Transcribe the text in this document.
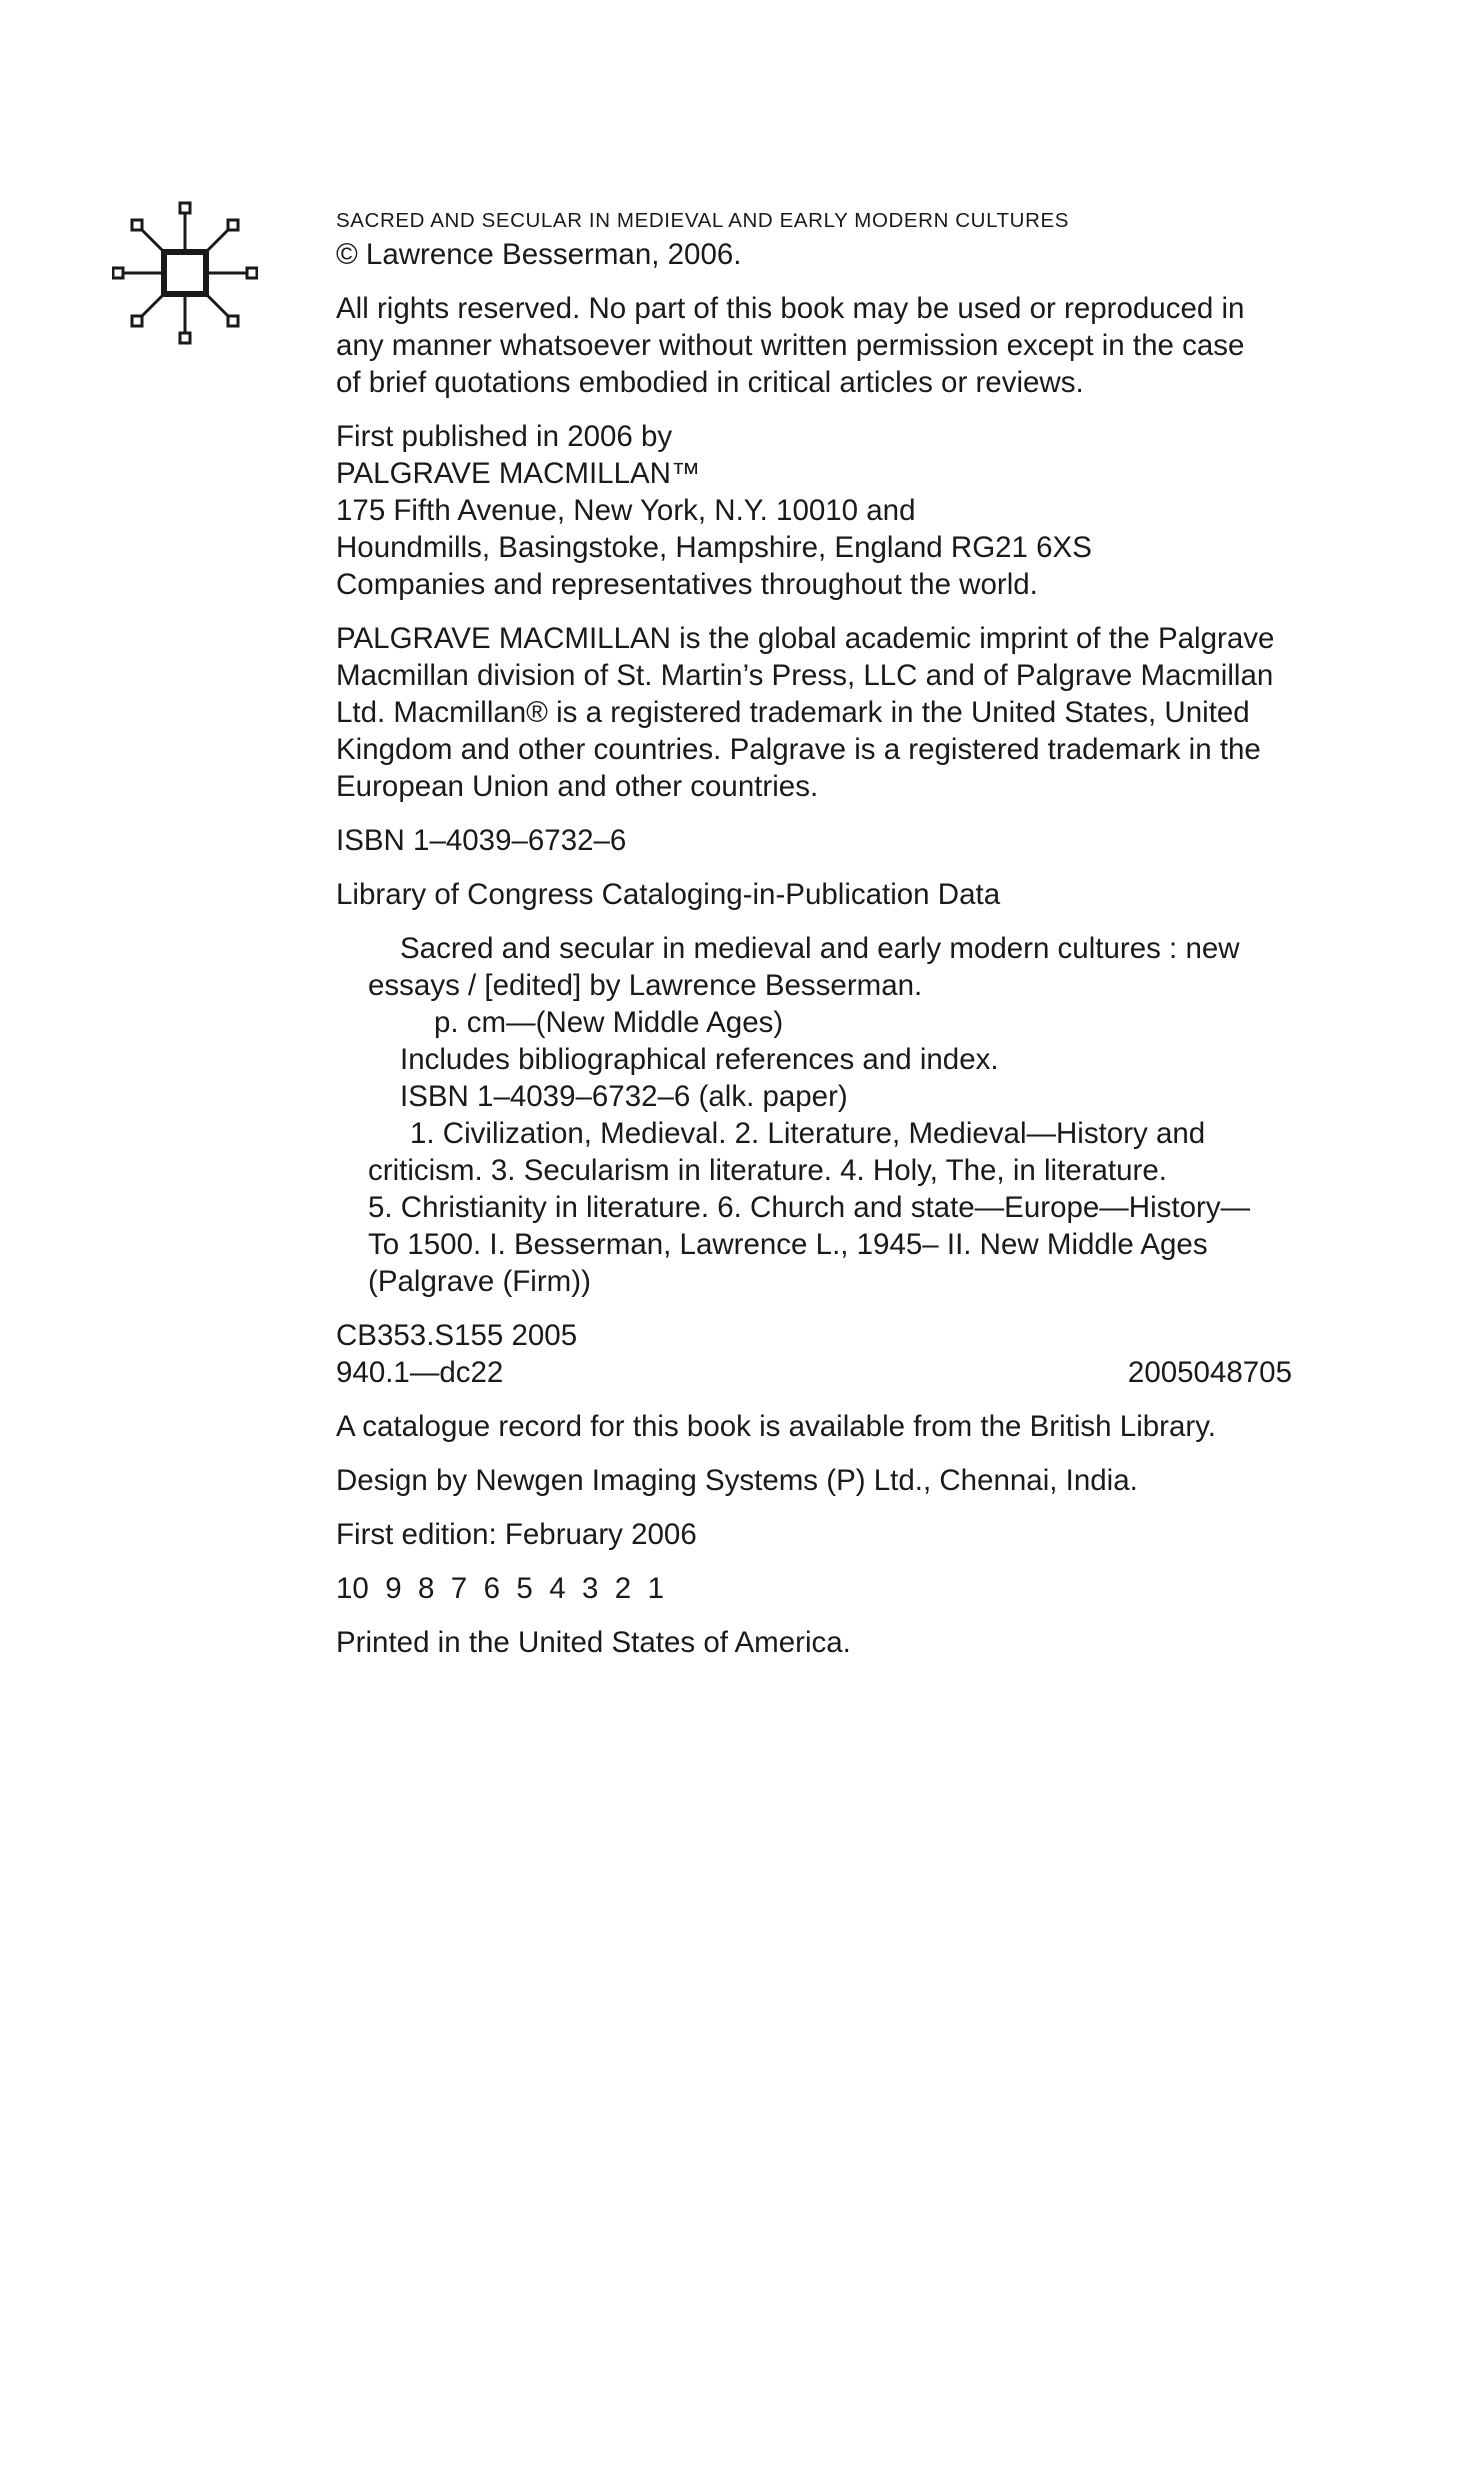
SACRED AND SECULAR IN MEDIEVAL AND EARLY MODERN CULTURES
© Lawrence Besserman, 2006.
All rights reserved. No part of this book may be used or reproduced in
any manner whatsoever without written permission except in the case
of brief quotations embodied in critical articles or reviews.
First published in 2006 by
PALGRAVE MACMILLAN™
175 Fifth Avenue, New York, N.Y. 10010 and
Houndmills, Basingstoke, Hampshire, England RG21 6XS
Companies and representatives throughout the world.
PALGRAVE MACMILLAN is the global academic imprint of the Palgrave
Macmillan division of St. Martin’s Press, LLC and of Palgrave Macmillan
Ltd. Macmillan® is a registered trademark in the United States, United
Kingdom and other countries. Palgrave is a registered trademark in the
European Union and other countries.
ISBN 1–4039–6732–6
Library of Congress Cataloging-in-Publication Data
Sacred and secular in medieval and early modern cultures : new
essays / [edited] by Lawrence Besserman.
p. cm—(New Middle Ages)
Includes bibliographical references and index.
ISBN 1–4039–6732–6 (alk. paper)
1. Civilization, Medieval. 2. Literature, Medieval—History and
criticism. 3. Secularism in literature. 4. Holy, The, in literature.
5. Christianity in literature. 6. Church and state—Europe—History—
To 1500. I. Besserman, Lawrence L., 1945– II. New Middle Ages
(Palgrave (Firm))
CB353.S155 2005
940.1—dc22	2005048705
A catalogue record for this book is available from the British Library.
Design by Newgen Imaging Systems (P) Ltd., Chennai, India.
First edition: February 2006
10  9  8  7  6  5  4  3  2  1
Printed in the United States of America.
